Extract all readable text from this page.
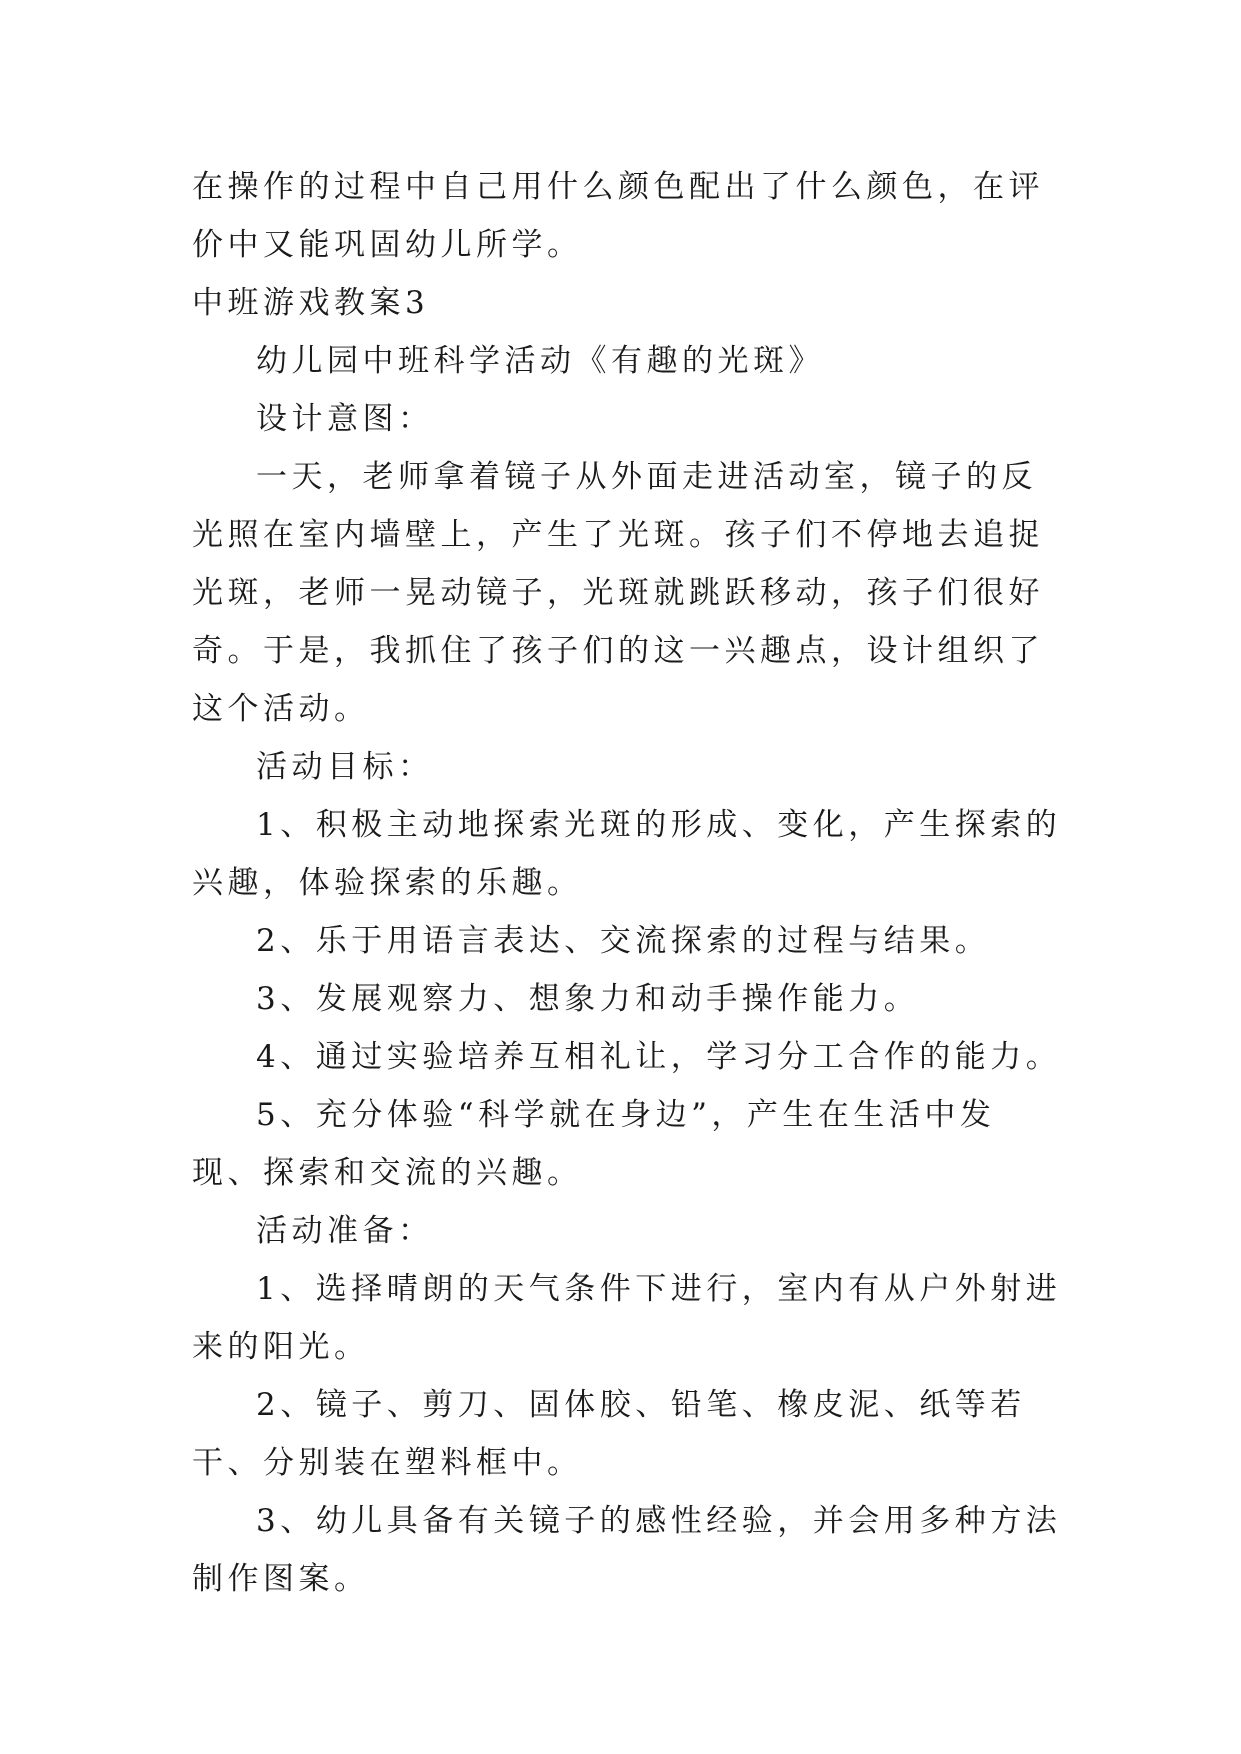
在操作的过程中自己用什么颜色配出了什么颜色，在评价中又能巩固幼儿所学。

中班游戏教案3

幼儿园中班科学活动《有趣的光斑》

设计意图：

一天，老师拿着镜子从外面走进活动室，镜子的反光照在室内墙壁上，产生了光斑。孩子们不停地去追捉光斑，老师一晃动镜子，光斑就跳跃移动，孩子们很好奇。于是，我抓住了孩子们的这一兴趣点，设计组织了这个活动。

活动目标：

1、积极主动地探索光斑的形成、变化，产生探索的兴趣，体验探索的乐趣。

2、乐于用语言表达、交流探索的过程与结果。

3、发展观察力、想象力和动手操作能力。

4、通过实验培养互相礼让，学习分工合作的能力。

5、充分体验“科学就在身边”，产生在生活中发现、探索和交流的兴趣。

活动准备：

1、选择晴朗的天气条件下进行，室内有从户外射进来的阳光。

2、镜子、剪刀、固体胶、铅笔、橡皮泥、纸等若干、分别装在塑料框中。

3、幼儿具备有关镜子的感性经验，并会用多种方法制作图案。
